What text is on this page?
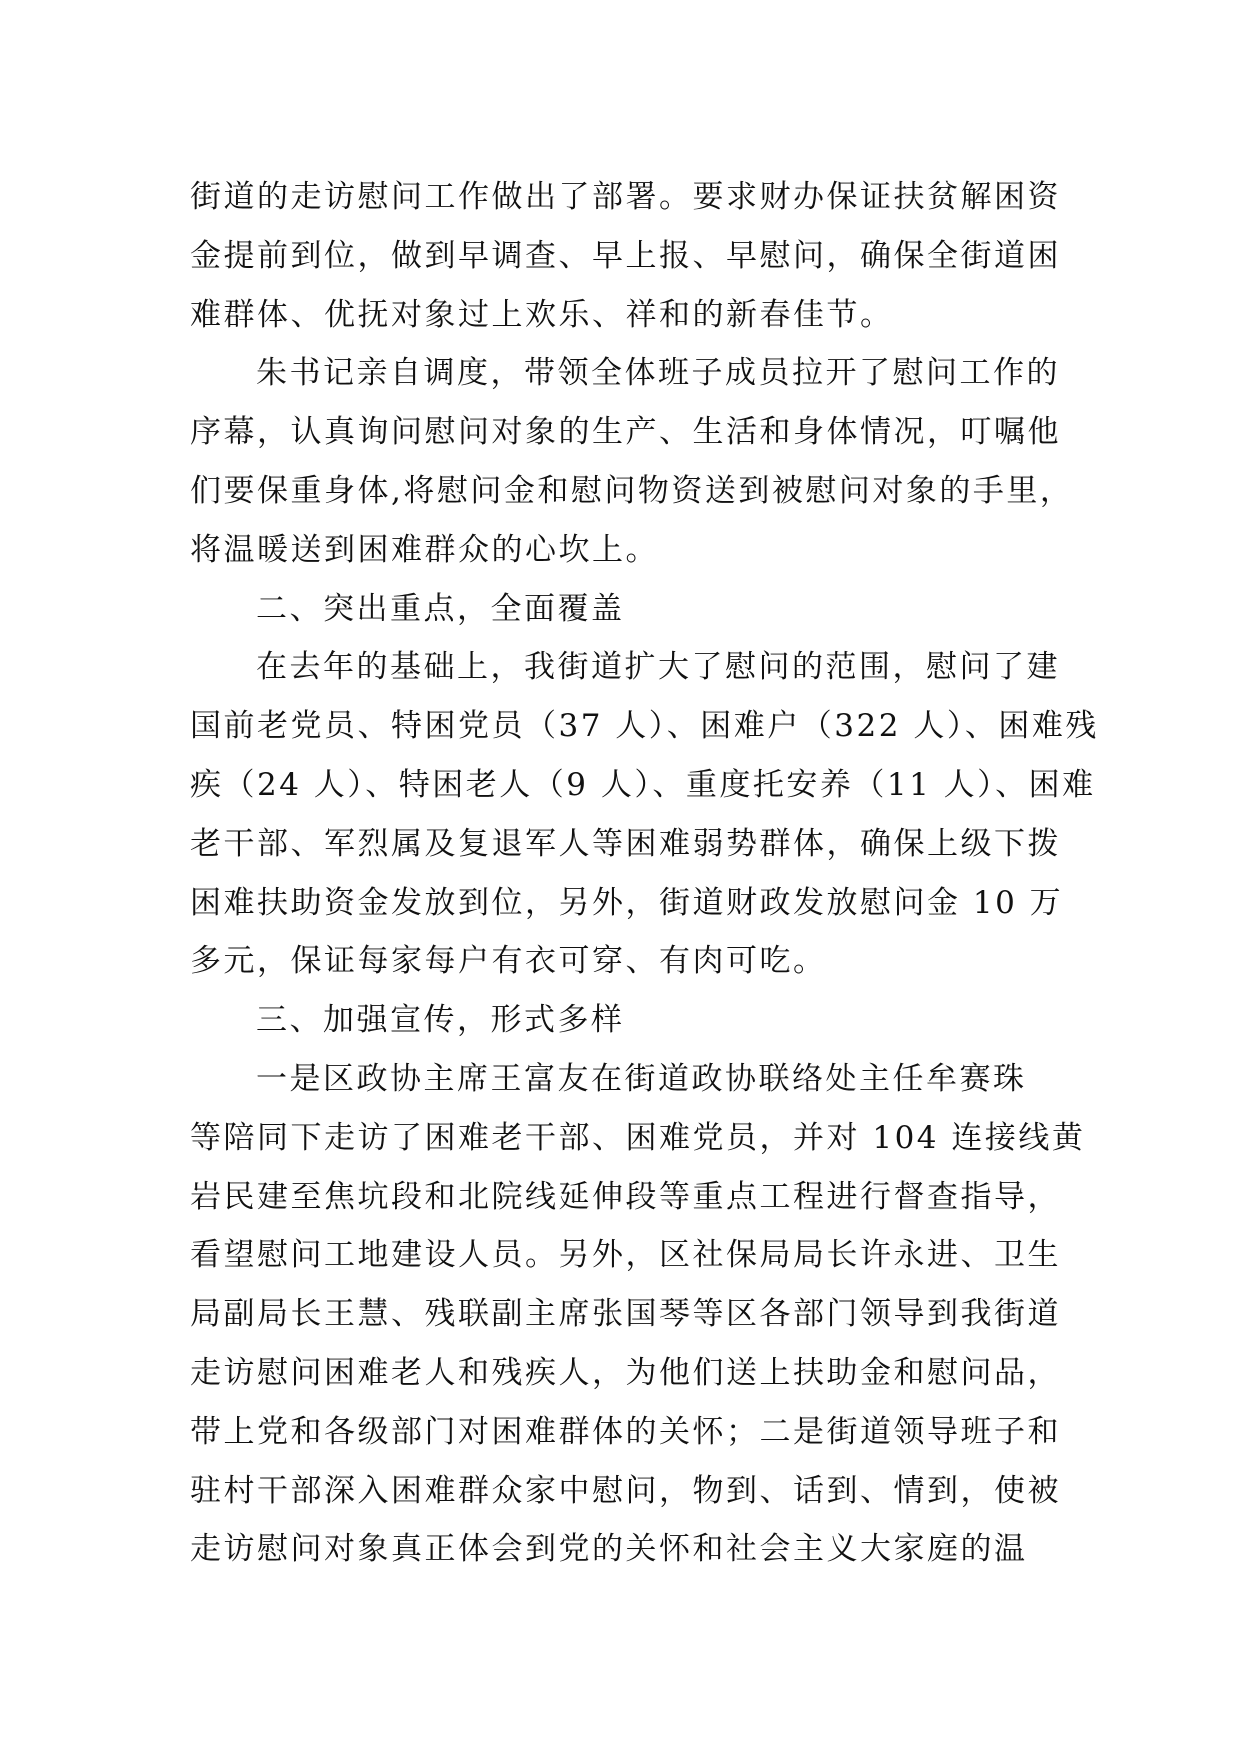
街道的走访慰问工作做出了部署。要求财办保证扶贫解困资
金提前到位，做到早调查、早上报、早慰问，确保全街道困
难群体、优抚对象过上欢乐、祥和的新春佳节。
朱书记亲自调度，带领全体班子成员拉开了慰问工作的
序幕，认真询问慰问对象的生产、生活和身体情况，叮嘱他
们要保重身体,将慰问金和慰问物资送到被慰问对象的手里，
将温暖送到困难群众的心坎上。
二、突出重点，全面覆盖
在去年的基础上，我街道扩大了慰问的范围，慰问了建
国前老党员、特困党员（37 人）、困难户（322 人）、困难残
疾（24 人）、特困老人（9 人）、重度托安养（11 人）、困难
老干部、军烈属及复退军人等困难弱势群体，确保上级下拨
困难扶助资金发放到位，另外，街道财政发放慰问金 10 万
多元，保证每家每户有衣可穿、有肉可吃。
三、加强宣传，形式多样
一是区政协主席王富友在街道政协联络处主任牟赛珠
等陪同下走访了困难老干部、困难党员，并对 104 连接线黄
岩民建至焦坑段和北院线延伸段等重点工程进行督查指导，
看望慰问工地建设人员。另外，区社保局局长许永进、卫生
局副局长王慧、残联副主席张国琴等区各部门领导到我街道
走访慰问困难老人和残疾人，为他们送上扶助金和慰问品，
带上党和各级部门对困难群体的关怀；二是街道领导班子和
驻村干部深入困难群众家中慰问，物到、话到、情到，使被
走访慰问对象真正体会到党的关怀和社会主义大家庭的温
